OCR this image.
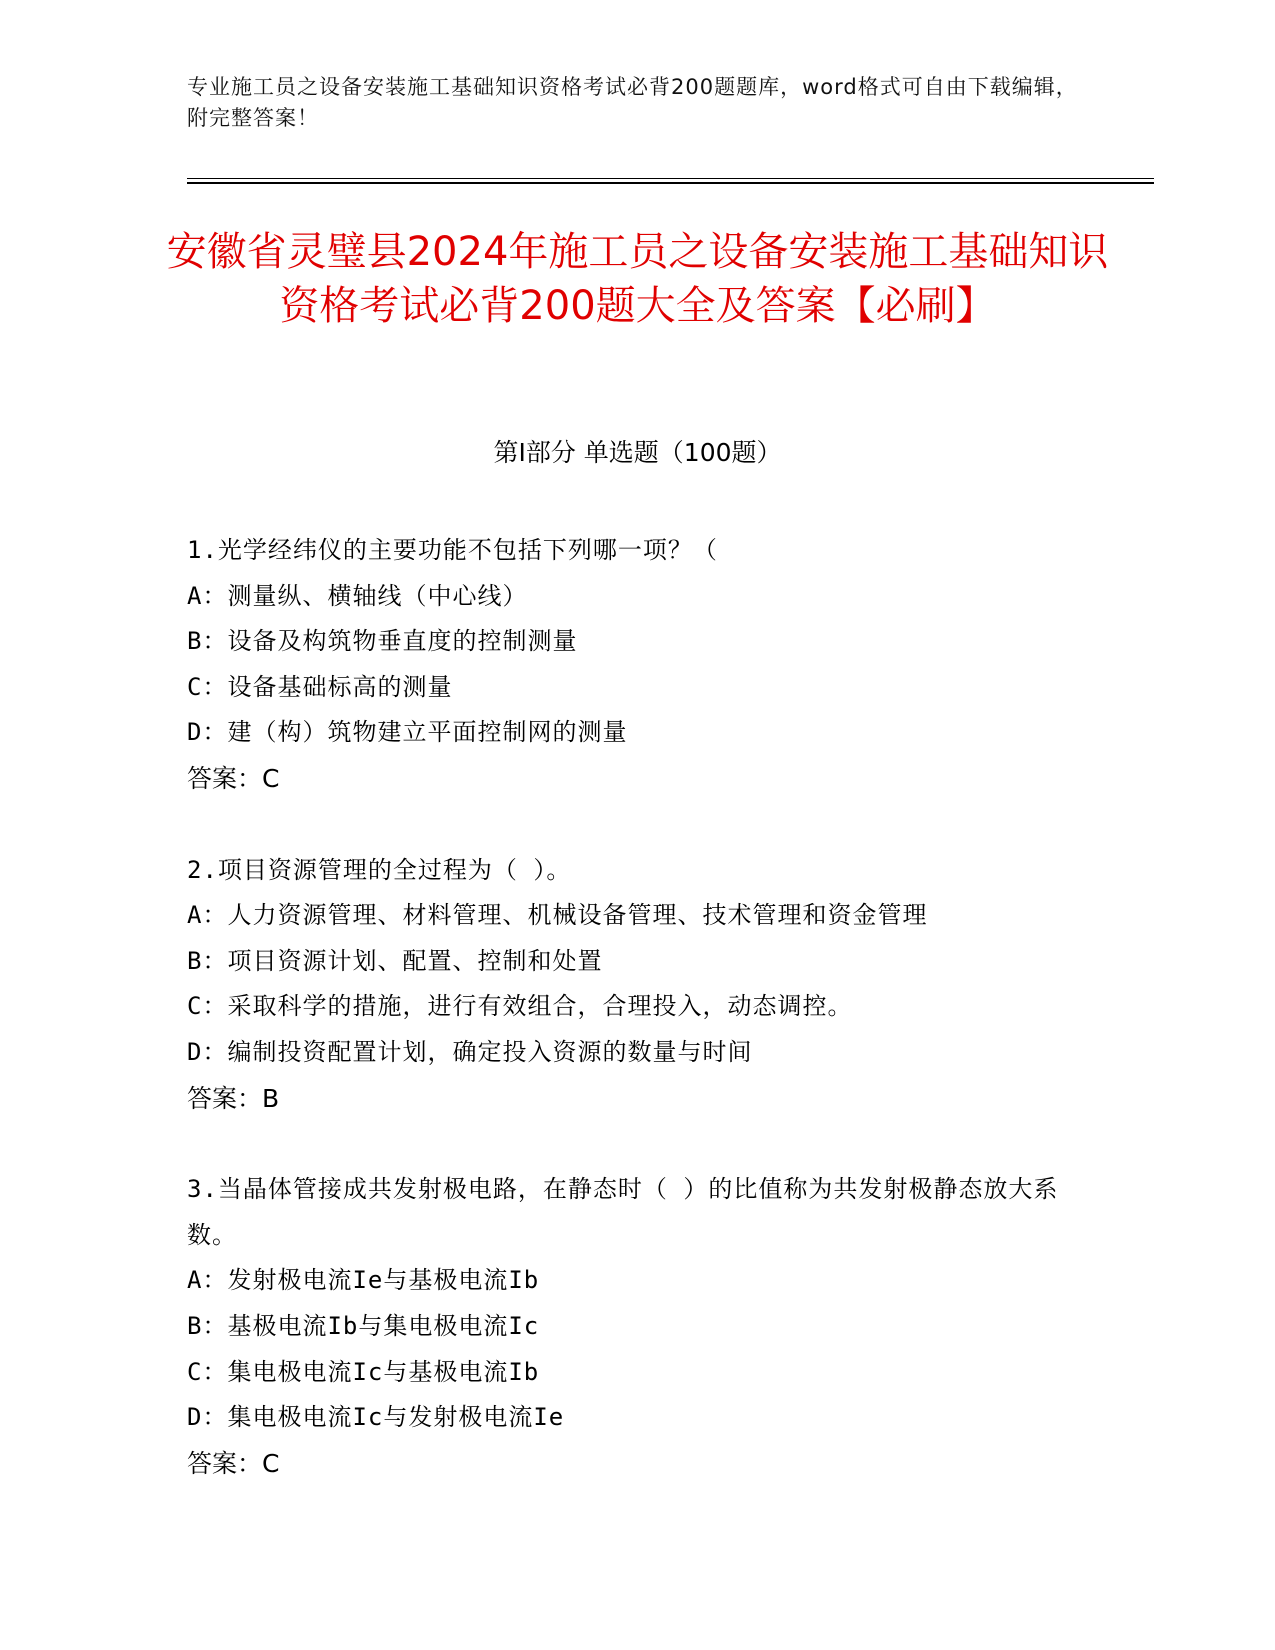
专业施工员之设备安装施工基础知识资格考试必背200题题库，word格式可自由下载编辑，附完整答案！
安徽省灵璧县2024年施工员之设备安装施工基础知识资格考试必背200题大全及答案【必刷】
第I部分 单选题（100题）
1.光学经纬仪的主要功能不包括下列哪一项？（
A：测量纵、横轴线（中心线）
B：设备及构筑物垂直度的控制测量
C：设备基础标高的测量
D：建（构）筑物建立平面控制网的测量
答案：C
2.项目资源管理的全过程为（ ）。
A：人力资源管理、材料管理、机械设备管理、技术管理和资金管理
B：项目资源计划、配置、控制和处置
C：采取科学的措施，进行有效组合，合理投入，动态调控。
D：编制投资配置计划，确定投入资源的数量与时间
答案：B
3.当晶体管接成共发射极电路，在静态时（ ）的比值称为共发射极静态放大系数。
A：发射极电流Ie与基极电流Ib
B：基极电流Ib与集电极电流Ic
C：集电极电流Ic与基极电流Ib
D：集电极电流Ic与发射极电流Ie
答案：C
